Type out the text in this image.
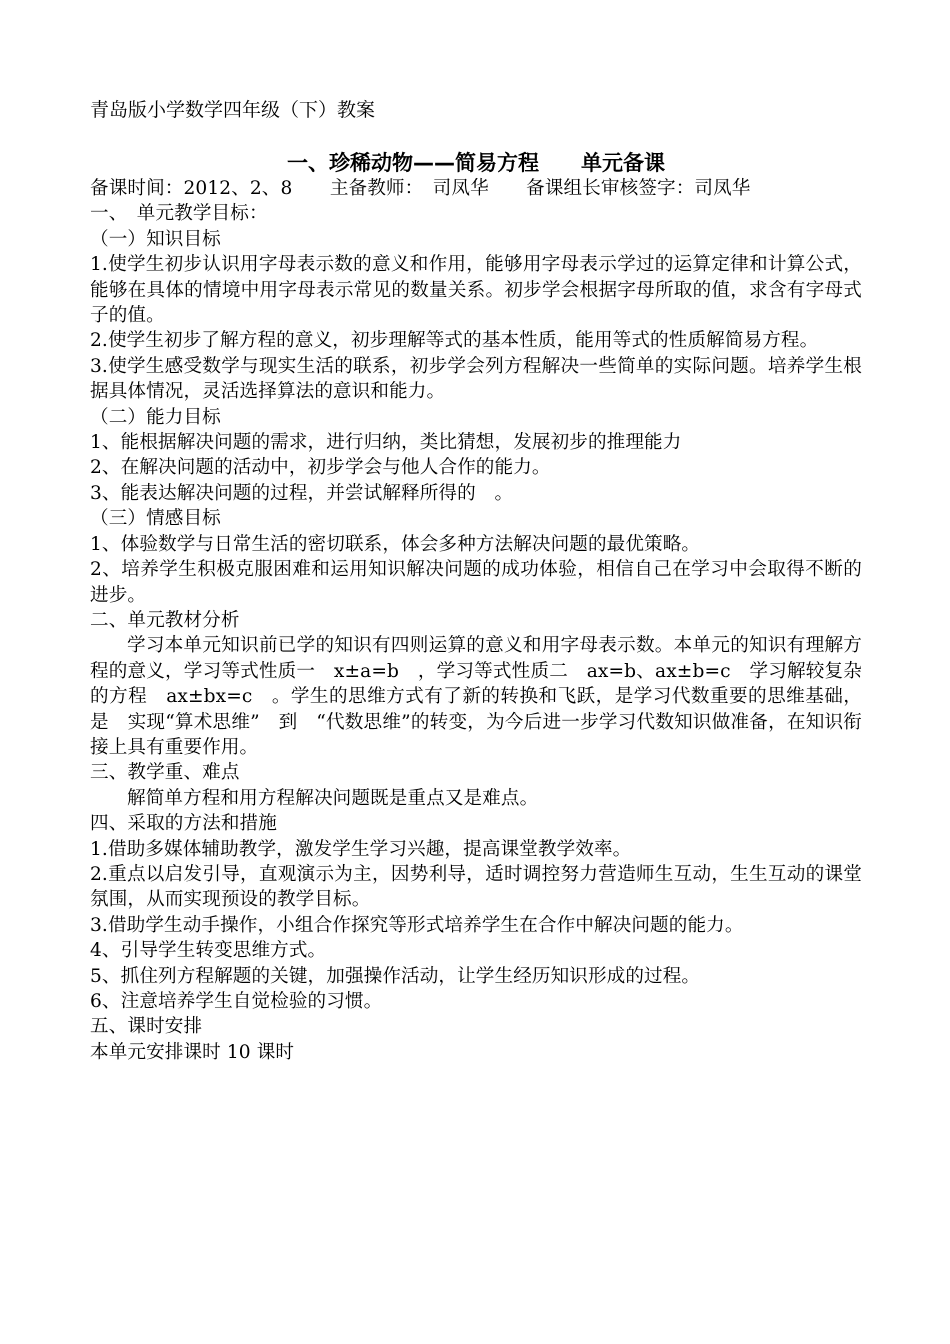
青岛版小学数学四年级（下）教案

一、珍稀动物——简易方程　　单元备课

备课时间：2012、2、8　　主备教师：　司凤华　　备课组长审核签字：司凤华

一、　单元教学目标：

（一）知识目标

1.使学生初步认识用字母表示数的意义和作用，能够用字母表示学过的运算定律和计算公式，能够在具体的情境中用字母表示常见的数量关系。初步学会根据字母所取的值，求含有字母式子的值。

2.使学生初步了解方程的意义，初步理解等式的基本性质，能用等式的性质解简易方程。

3.使学生感受数学与现实生活的联系，初步学会列方程解决一些简单的实际问题。培养学生根据具体情况，灵活选择算法的意识和能力。

（二）能力目标

1、能根据解决问题的需求，进行归纳，类比猜想，发展初步的推理能力

2、在解决问题的活动中，初步学会与他人合作的能力。

3、能表达解决问题的过程，并尝试解释所得的　。

（三）情感目标

1、体验数学与日常生活的密切联系，体会多种方法解决问题的最优策略。

2、培养学生积极克服困难和运用知识解决问题的成功体验，相信自己在学习中会取得不断的进步。

二、单元教材分析

学习本单元知识前已学的知识有四则运算的意义和用字母表示数。本单元的知识有理解方程的意义，学习等式性质一　x±a=b　，学习等式性质二　ax=b、ax±b=c　学习解较复杂的方程　ax±bx=c　。学生的思维方式有了新的转换和飞跃，是学习代数重要的思维基础，是　实现“算术思维”　到　“代数思维”的转变，为今后进一步学习代数知识做准备，在知识衔接上具有重要作用。

三、教学重、难点

解简单方程和用方程解决问题既是重点又是难点。

四、采取的方法和措施

1.借助多媒体辅助教学，激发学生学习兴趣，提高课堂教学效率。

2.重点以启发引导，直观演示为主，因势利导，适时调控努力营造师生互动，生生互动的课堂氛围，从而实现预设的教学目标。

3.借助学生动手操作，小组合作探究等形式培养学生在合作中解决问题的能力。

4、引导学生转变思维方式。

5、抓住列方程解题的关键，加强操作活动，让学生经历知识形成的过程。

6、注意培养学生自觉检验的习惯。

五、课时安排

本单元安排课时 10 课时
